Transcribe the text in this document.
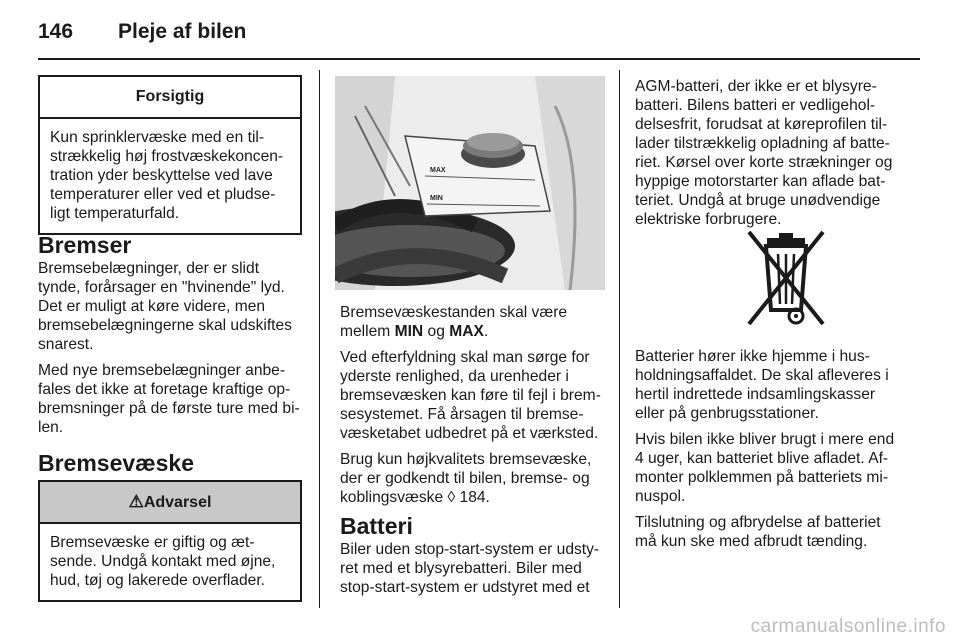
146 Pleje af bilen
Forsigtig
Kun sprinklervæske med en til-
strækkelig høj frostvæskekoncen-
tration yder beskyttelse ved lave
temperaturer eller ved et pludse-
ligt temperaturfald.
Bremser

Bremsebelægninger, der er slidt
tynde, forårsager en "hvinende" lyd.
Det er muligt at køre videre, men
bremsebelægningerne skal udskiftes
snarest.

Med nye bremsebelægninger anbe-
fales det ikke at foretage kraftige op-
bremsninger på de første ture med bi-
len.

Bremsevæske
⚠Advarsel
Bremsevæske er giftig og æt-
sende. Undgå kontakt med øjne,
hud, tøj og lakerede overflader.
MAX
MIN

Bremsevæskestanden skal være
mellem MIN og MAX.

Ved efterfyldning skal man sørge for
yderste renlighed, da urenheder i
bremsevæsken kan føre til fejl i brem-
sesystemet. Få årsagen til bremse-
væsketabet udbedret på et værksted.

Brug kun højkvalitets bremsevæske,
der er godkendt til bilen, bremse- og
koblingsvæske ◊ 184.

Batteri

Biler uden stop-start-system er udsty-
ret med et blysyrebatteri. Biler med
stop-start-system er udstyret med et

AGM-batteri, der ikke er et blysyre-
batteri. Bilens batteri er vedligehol-
delsesfrit, forudsat at køreprofilen til-
lader tilstrækkelig opladning af batte-
riet. Kørsel over korte strækninger og
hyppige motorstarter kan aflade bat-
teriet. Undgå at bruge unødvendige
elektriske forbrugere.

Batterier hører ikke hjemme i hus-
holdningsaffaldet. De skal afleveres i
hertil indrettede indsamlingskasser
eller på genbrugsstationer.

Hvis bilen ikke bliver brugt i mere end
4 uger, kan batteriet blive afladet. Af-
monter polklemmen på batteriets mi-
nuspol.

Tilslutning og afbrydelse af batteriet
må kun ske med afbrudt tænding.

carmanualsonline.info
